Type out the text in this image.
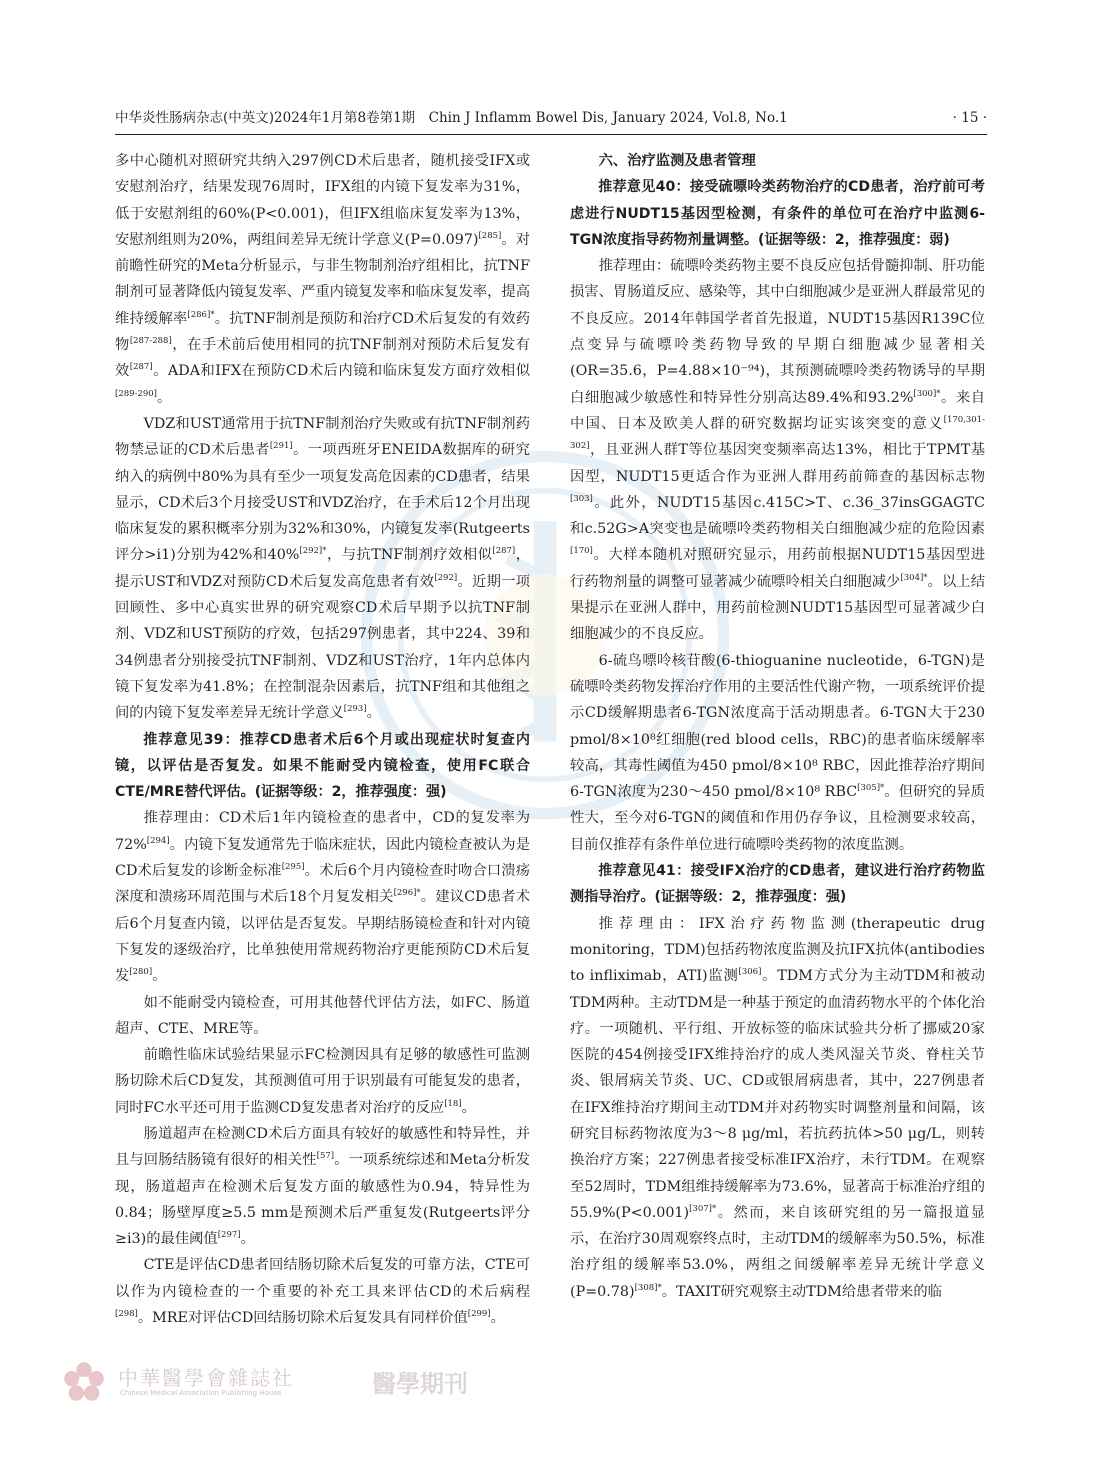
中华炎性肠病杂志(中英文)2024年1月第8卷第1期　Chin J Inflamm Bowel Dis, January 2024, Vol.8, No.1	· 15 ·

多中心随机对照研究共纳入297例CD术后患者，随机接受IFX或安慰剂治疗，结果发现76周时，IFX组的内镜下复发率为31%，低于安慰剂组的60%(P<0.001)，但IFX组临床复发率为13%，安慰剂组则为20%，两组间差异无统计学意义(P=0.097)[285]。对前瞻性研究的Meta分析显示，与非生物制剂治疗组相比，抗TNF制剂可显著降低内镜复发率、严重内镜复发率和临床复发率，提高维持缓解率$^{[286]*}$。抗TNF制剂是预防和治疗CD术后复发的有效药物[287-288]，在手术前后使用相同的抗TNF制剂对预防术后复发有效[287]。ADA和IFX在预防CD术后内镜和临床复发方面疗效相似[289-290]。

VDZ和UST通常用于抗TNF制剂治疗失败或有抗TNF制剂药物禁忌证的CD术后患者[291]。一项西班牙ENEIDA数据库的研究纳入的病例中80%为具有至少一项复发高危因素的CD患者，结果显示，CD术后3个月接受UST和VDZ治疗，在手术后12个月出现临床复发的累积概率分别为32%和30%，内镜复发率(Rutgeerts评分>i1)分别为42%和40%$^{[292]*}$，与抗TNF制剂疗效相似[287]，提示UST和VDZ对预防CD术后复发高危患者有效[292]。近期一项回顾性、多中心真实世界的研究观察CD术后早期予以抗TNF制剂、VDZ和UST预防的疗效，包括297例患者，其中224、39和34例患者分别接受抗TNF制剂、VDZ和UST治疗，1年内总体内镜下复发率为41.8%；在控制混杂因素后，抗TNF组和其他组之间的内镜下复发率差异无统计学意义[293]。

推荐意见39：推荐CD患者术后6个月或出现症状时复查内镜，以评估是否复发。如果不能耐受内镜检查，使用FC联合CTE/MRE替代评估。(证据等级：2，推荐强度：强)

推荐理由：CD术后1年内镜检查的患者中，CD的复发率为72%[294]。内镜下复发通常先于临床症状，因此内镜检查被认为是CD术后复发的诊断金标准[295]。术后6个月内镜检查时吻合口溃疡深度和溃疡环周范围与术后18个月复发相关$^{[296]*}$。建议CD患者术后6个月复查内镜，以评估是否复发。早期结肠镜检查和针对内镜下复发的逐级治疗，比单独使用常规药物治疗更能预防CD术后复发[280]。

如不能耐受内镜检查，可用其他替代评估方法，如FC、肠道超声、CTE、MRE等。

前瞻性临床试验结果显示FC检测因具有足够的敏感性可监测肠切除术后CD复发，其预测值可用于识别最有可能复发的患者，同时FC水平还可用于监测CD复发患者对治疗的反应[18]。

肠道超声在检测CD术后方面具有较好的敏感性和特异性，并且与回肠结肠镜有很好的相关性[57]。一项系统综述和Meta分析发现，肠道超声在检测术后复发方面的敏感性为0.94，特异性为0.84；肠壁厚度≥5.5 mm是预测术后严重复发(Rutgeerts评分≥i3)的最佳阈值[297]。

CTE是评估CD患者回结肠切除术后复发的可靠方法，CTE可以作为内镜检查的一个重要的补充工具来评估CD的术后病程[298]。MRE对评估CD回结肠切除术后复发具有同样价值[299]。

六、治疗监测及患者管理

推荐意见40：接受硫嘌呤类药物治疗的CD患者，治疗前可考虑进行NUDT15基因型检测，有条件的单位可在治疗中监测6-TGN浓度指导药物剂量调整。(证据等级：2，推荐强度：弱)

推荐理由：硫嘌呤类药物主要不良反应包括骨髓抑制、肝功能损害、胃肠道反应、感染等，其中白细胞减少是亚洲人群最常见的不良反应。2014年韩国学者首先报道，NUDT15基因R139C位点变异与硫嘌呤类药物导致的早期白细胞减少显著相关(OR=35.6，P=4.88×10⁻⁹⁴)，其预测硫嘌呤类药物诱导的早期白细胞减少敏感性和特异性分别高达89.4%和93.2%$^{[300]*}$。来自中国、日本及欧美人群的研究数据均证实该突变的意义[170,301-302]，且亚洲人群T等位基因突变频率高达13%，相比于TPMT基因型，NUDT15更适合作为亚洲人群用药前筛查的基因标志物[303]。此外，NUDT15基因c.415C>T、c.36_37insGGAGTC和c.52G>A突变也是硫嘌呤类药物相关白细胞减少症的危险因素[170]。大样本随机对照研究显示，用药前根据NUDT15基因型进行药物剂量的调整可显著减少硫嘌呤相关白细胞减少$^{[304]*}$。以上结果提示在亚洲人群中，用药前检测NUDT15基因型可显著减少白细胞减少的不良反应。

6-硫鸟嘌呤核苷酸(6-thioguanine nucleotide，6-TGN)是硫嘌呤类药物发挥治疗作用的主要活性代谢产物，一项系统评价提示CD缓解期患者6-TGN浓度高于活动期患者。6-TGN大于230 pmol/8×10⁸红细胞(red blood cells，RBC)的患者临床缓解率较高，其毒性阈值为450 pmol/8×10⁸ RBC，因此推荐治疗期间6-TGN浓度为230～450 pmol/8×10⁸ $RBC^{[305]*}$。但研究的异质性大，至今对6-TGN的阈值和作用仍存争议，且检测要求较高，目前仅推荐有条件单位进行硫嘌呤类药物的浓度监测。

推荐意见41：接受IFX治疗的CD患者，建议进行治疗药物监测指导治疗。(证据等级：2，推荐强度：强)

推荐理由：IFX治疗药物监测(therapeutic drug monitoring，TDM)包括药物浓度监测及抗IFX抗体(antibodies to infliximab，ATI)监测[306]。TDM方式分为主动TDM和被动TDM两种。主动TDM是一种基于预定的血清药物水平的个体化治疗。一项随机、平行组、开放标签的临床试验共分析了挪威20家医院的454例接受IFX维持治疗的成人类风湿关节炎、脊柱关节炎、银屑病关节炎、UC、CD或银屑病患者，其中，227例患者在IFX维持治疗期间主动TDM并对药物实时调整剂量和间隔，该研究目标药物浓度为3～8 μg/ml，若抗药抗体>50 μg/L，则转换治疗方案；227例患者接受标准IFX治疗，未行TDM。在观察至52周时，TDM组维持缓解率为73.6%，显著高于标准治疗组的55.9%(P<0.001)$^{[307]*}$。然而，来自该研究组的另一篇报道显示，在治疗30周观察终点时，主动TDM的缓解率为50.5%，标准治疗组的缓解率53.0%，两组之间缓解率差异无统计学意义(P=0.78)$^{[308]*}$。TAXIT研究观察主动TDM给患者带来的临

中華醫學會雜誌社
Chinese Medical Association Publishing House	醫學期刊
